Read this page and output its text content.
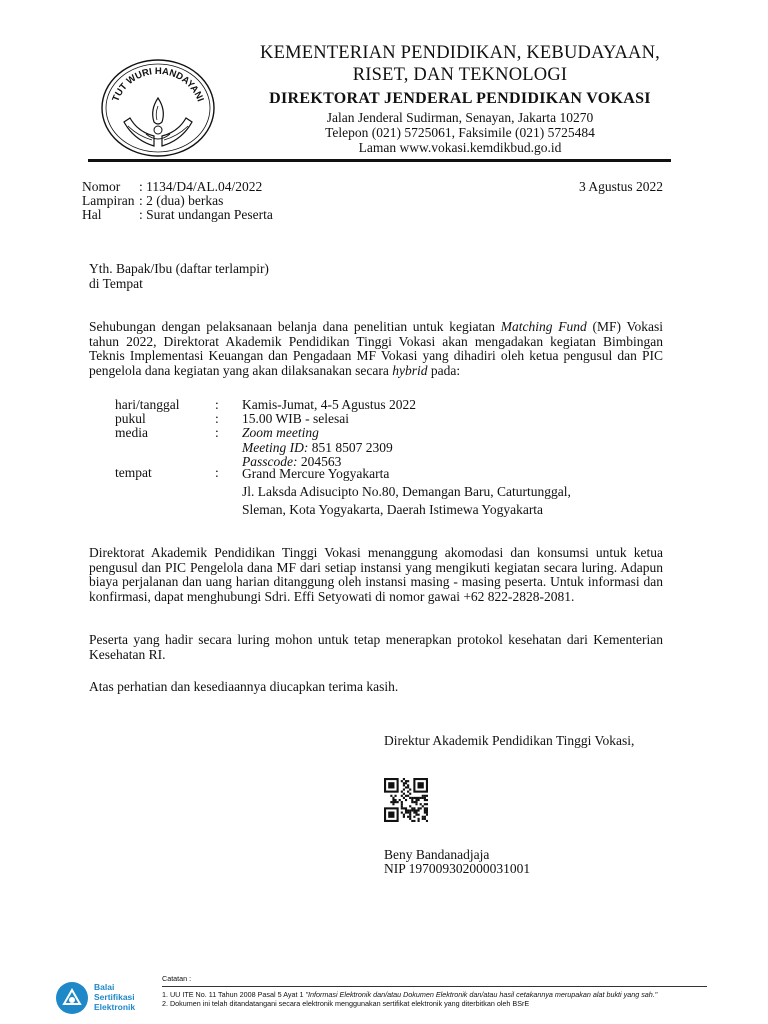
TUT WURI HANDAYANI
KEMENTERIAN PENDIDIKAN, KEBUDAYAAN,
RISET, DAN TEKNOLOGI
DIREKTORAT JENDERAL PENDIDIKAN VOKASI
Jalan Jenderal Sudirman, Senayan, Jakarta 10270
Telepon (021) 5725061, Faksimile (021) 5725484
Laman www.vokasi.kemdikbud.go.id
Nomor	: 1134/D4/AL.04/2022
Lampiran : 2 (dua) berkas
Hal	: Surat undangan Peserta
3 Agustus 2022
Yth. Bapak/Ibu (daftar terlampir)
di Tempat
Sehubungan dengan pelaksanaan belanja dana penelitian untuk kegiatan Matching Fund (MF) Vokasi tahun 2022, Direktorat Akademik Pendidikan Tinggi Vokasi akan mengadakan kegiatan Bimbingan Teknis Implementasi Keuangan dan Pengadaan MF Vokasi yang dihadiri oleh ketua pengusul dan PIC pengelola dana kegiatan yang akan dilaksanakan secara hybrid pada:
hari/tanggal	:	Kamis-Jumat, 4-5 Agustus 2022
pukul	:	15.00 WIB - selesai
media	:	Zoom meeting
Meeting ID: 851 8507 2309
Passcode: 204563
tempat	:	Grand Mercure Yogyakarta
Jl. Laksda Adisucipto No.80, Demangan Baru, Caturtunggal,
Sleman, Kota Yogyakarta, Daerah Istimewa Yogyakarta
Direktorat Akademik Pendidikan Tinggi Vokasi menanggung akomodasi dan konsumsi untuk ketua pengusul dan PIC Pengelola dana MF dari setiap instansi yang mengikuti kegiatan secara luring. Adapun biaya perjalanan dan uang harian ditanggung oleh instansi masing - masing peserta. Untuk informasi dan konfirmasi, dapat menghubungi Sdri. Effi Setyowati di nomor gawai +62 822-2828-2081.
Peserta yang hadir secara luring mohon untuk tetap menerapkan protokol kesehatan dari Kementerian Kesehatan RI.
Atas perhatian dan kesediaannya diucapkan terima kasih.
Direktur Akademik Pendidikan Tinggi Vokasi,
Beny Bandanadjaja
NIP 197009302000031001
Balai
Sertifikasi
Elektronik
Catatan :
1. UU ITE No. 11 Tahun 2008 Pasal 5 Ayat 1 "Informasi Elektronik dan/atau Dokumen Elektronik dan/atau hasil cetakannya merupakan alat bukti yang sah."
2. Dokumen ini telah ditandatangani secara elektronik menggunakan sertifikat elektronik yang diterbitkan oleh BSrE
